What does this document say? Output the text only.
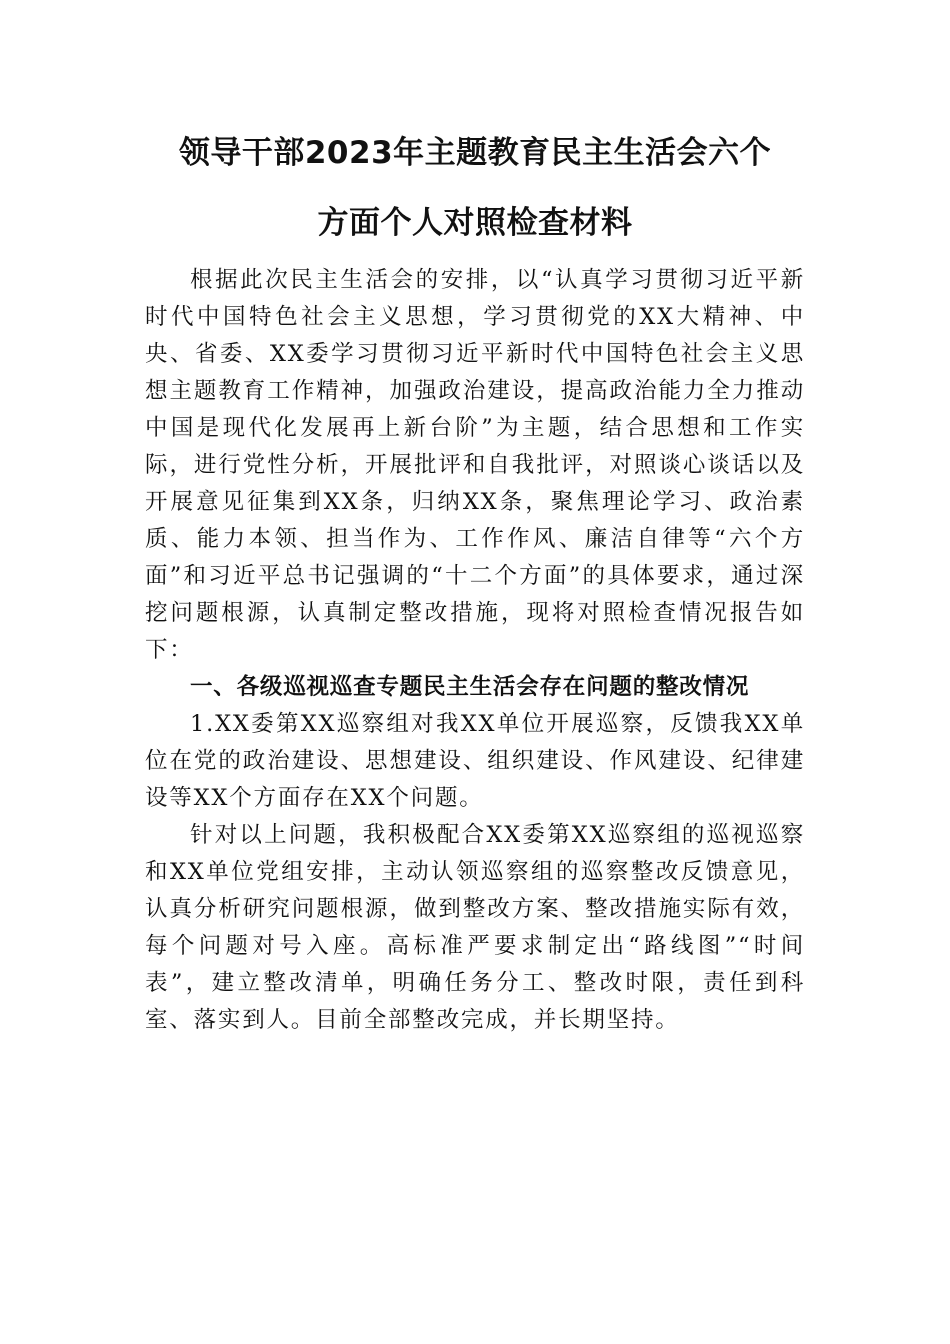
领导干部2023年主题教育民主生活会六个
方面个人对照检查材料

根据此次民主生活会的安排，以“认真学习贯彻习近平新时代中国特色社会主义思想，学习贯彻党的XX大精神、中央、省委、XX委学习贯彻习近平新时代中国特色社会主义思想主题教育工作精神，加强政治建设，提高政治能力全力推动中国是现代化发展再上新台阶”为主题，结合思想和工作实际，进行党性分析，开展批评和自我批评，对照谈心谈话以及开展意见征集到XX条，归纳XX条，聚焦理论学习、政治素质、能力本领、担当作为、工作作风、廉洁自律等“六个方面”和习近平总书记强调的“十二个方面”的具体要求，通过深挖问题根源，认真制定整改措施，现将对照检查情况报告如下：

一、各级巡视巡查专题民主生活会存在问题的整改情况

1.XX委第XX巡察组对我XX单位开展巡察，反馈我XX单位在党的政治建设、思想建设、组织建设、作风建设、纪律建设等XX个方面存在XX个问题。

针对以上问题，我积极配合XX委第XX巡察组的巡视巡察和XX单位党组安排，主动认领巡察组的巡察整改反馈意见，认真分析研究问题根源，做到整改方案、整改措施实际有效，每个问题对号入座。高标准严要求制定出“路线图”“时间表”，建立整改清单，明确任务分工、整改时限，责任到科室、落实到人。目前全部整改完成，并长期坚持。
